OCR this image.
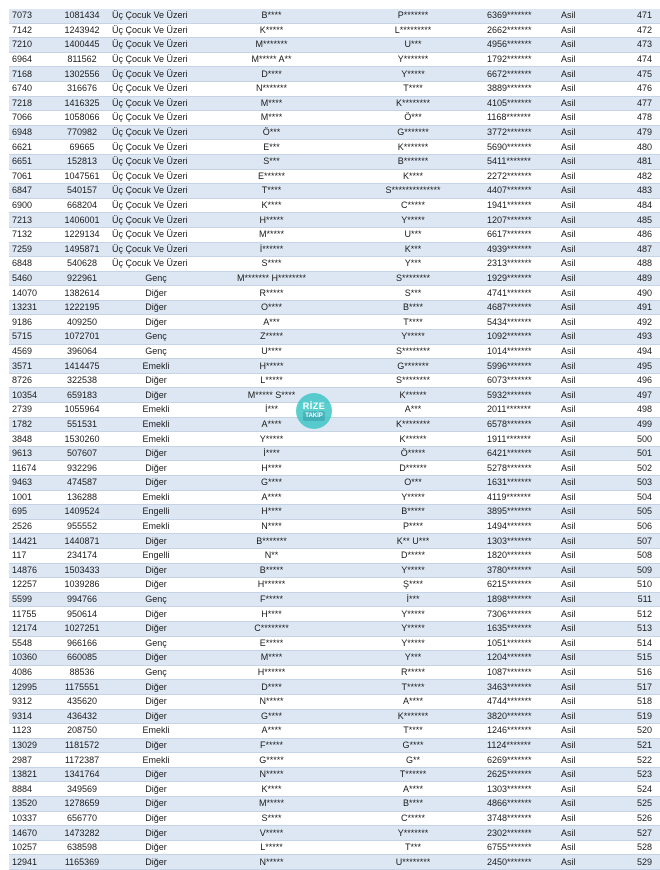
7073	1081434	Üç Çocuk Ve Üzeri	B****	P*******	6369*******	Asil	471
7142	1243942	Üç Çocuk Ve Üzeri	K*****	L*********	2662*******	Asil	472
7210	1400445	Üç Çocuk Ve Üzeri	M*******	U***	4956*******	Asil	473
6964	811562	Üç Çocuk Ve Üzeri	M***** A**	Y*******	1792*******	Asil	474
7168	1302556	Üç Çocuk Ve Üzeri	D****	Y*****	6672*******	Asil	475
6740	316676	Üç Çocuk Ve Üzeri	N*******	T****	3889*******	Asil	476
7218	1416325	Üç Çocuk Ve Üzeri	M****	K********	4105*******	Asil	477
7066	1058066	Üç Çocuk Ve Üzeri	M****	Ö***	1168*******	Asil	478
6948	770982	Üç Çocuk Ve Üzeri	Ö***	G*******	3772*******	Asil	479
6621	69665	Üç Çocuk Ve Üzeri	E***	K*******	5690*******	Asil	480
6651	152813	Üç Çocuk Ve Üzeri	S***	B*******	5411*******	Asil	481
7061	1047561	Üç Çocuk Ve Üzeri	E******	K****	2272*******	Asil	482
6847	540157	Üç Çocuk Ve Üzeri	T****	S**************	4407*******	Asil	483
6900	668204	Üç Çocuk Ve Üzeri	K****	C*****	1941*******	Asil	484
7213	1406001	Üç Çocuk Ve Üzeri	H*****	Y*****	1207*******	Asil	485
7132	1229134	Üç Çocuk Ve Üzeri	M*****	U***	6617*******	Asil	486
7259	1495871	Üç Çocuk Ve Üzeri	İ******	K***	4939*******	Asil	487
6848	540628	Üç Çocuk Ve Üzeri	S****	Y***	2313*******	Asil	488
5460	922961	Genç	M******* H********	S********	1929*******	Asil	489
14070	1382614	Diğer	R*****	S***	4741*******	Asil	490
13231	1222195	Diğer	O****	B****	4687*******	Asil	491
9186	409250	Diğer	A***	T****	5434*******	Asil	492
5715	1072701	Genç	Z*****	Y*****	1092*******	Asil	493
4569	396064	Genç	U****	S********	1014*******	Asil	494
3571	1414475	Emekli	H*****	G*******	5996*******	Asil	495
8726	322538	Diğer	L*****	S********	6073*******	Asil	496
10354	659183	Diğer	M***** S****	K******	5932*******	Asil	497
2739	1055964	Emekli	İ***	A***	2011*******	Asil	498
1782	551531	Emekli	A****	K********	6578*******	Asil	499
3848	1530260	Emekli	Y*****	K******	1911*******	Asil	500
9613	507607	Diğer	İ****	Ö*****	6421*******	Asil	501
11674	932296	Diğer	H****	D******	5278*******	Asil	502
9463	474587	Diğer	G****	O***	1631*******	Asil	503
1001	136288	Emekli	A****	Y*****	4119*******	Asil	504
695	1409524	Engelli	H****	B*****	3895*******	Asil	505
2526	955552	Emekli	N****	P****	1494*******	Asil	506
14421	1440871	Diğer	B*******	K** U***	1303*******	Asil	507
117	234174	Engelli	N**	D*****	1820*******	Asil	508
14876	1503433	Diğer	B*****	Y*****	3780*******	Asil	509
12257	1039286	Diğer	H******	Ş****	6215*******	Asil	510
5599	994766	Genç	F*****	İ***	1898*******	Asil	511
11755	950614	Diğer	H****	Y*****	7306*******	Asil	512
12174	1027251	Diğer	C********	Y*****	1635*******	Asil	513
5548	966166	Genç	E*****	Y*****	1051*******	Asil	514
10360	660085	Diğer	M****	Y***	1204*******	Asil	515
4086	88536	Genç	H******	R*****	1087*******	Asil	516
12995	1175551	Diğer	D****	T*****	3463*******	Asil	517
9312	435620	Diğer	N*****	A****	4744*******	Asil	518
9314	436432	Diğer	G****	K*******	3820*******	Asil	519
1123	208750	Emekli	A****	T****	1246*******	Asil	520
13029	1181572	Diğer	F*****	G****	1124*******	Asil	521
2987	1172387	Emekli	G*****	G**	6269*******	Asil	522
13821	1341764	Diğer	N*****	T******	2625*******	Asil	523
8884	349569	Diğer	K****	A****	1303*******	Asil	524
13520	1278659	Diğer	M*****	B****	4866*******	Asil	525
10337	656770	Diğer	S****	C*****	3748*******	Asil	526
14670	1473282	Diğer	V*****	Y*******	2302*******	Asil	527
10257	638598	Diğer	L*****	T***	6755*******	Asil	528
12941	1165369	Diğer	N*****	U********	2450*******	Asil	529
RİZE
TAKİP
